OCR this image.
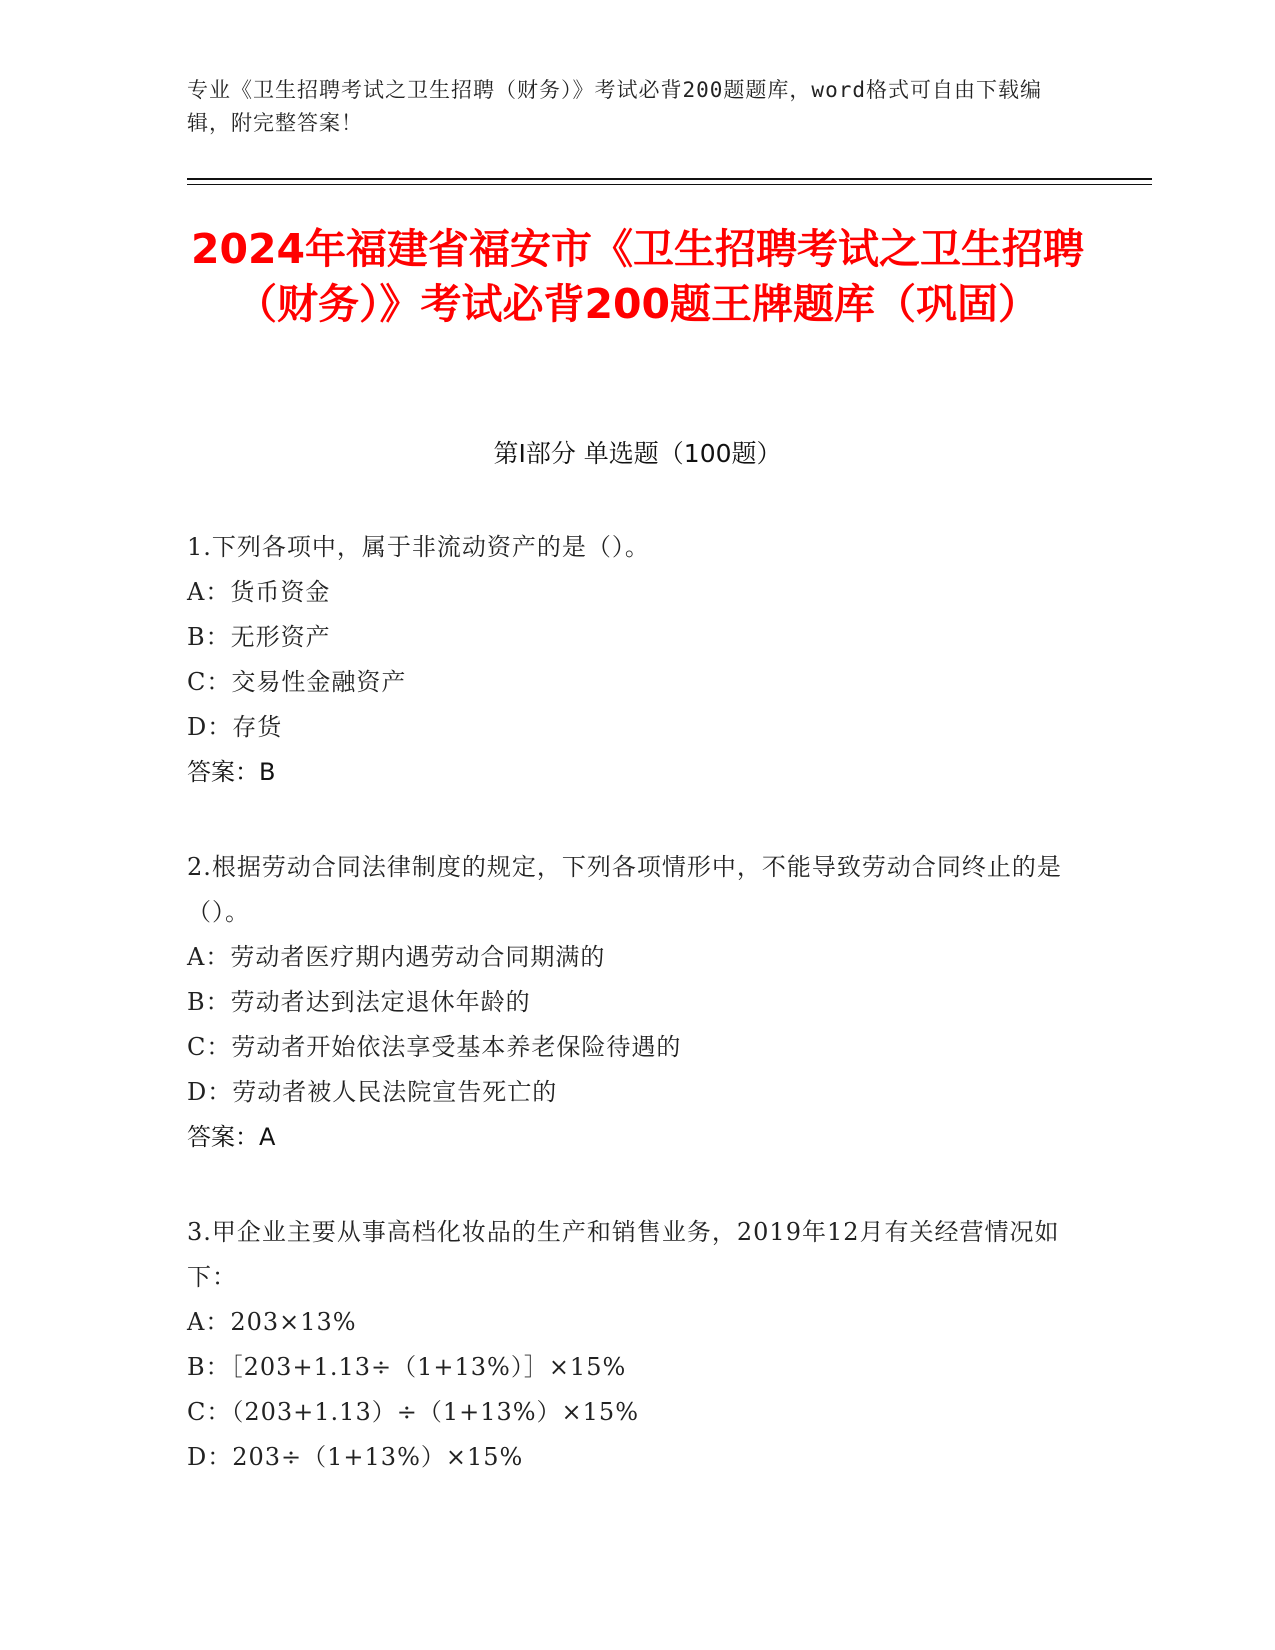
专业《卫生招聘考试之卫生招聘（财务）》考试必背200题题库，word格式可自由下载编辑，附完整答案！
2024年福建省福安市《卫生招聘考试之卫生招聘（财务）》考试必背200题王牌题库（巩固）
第I部分 单选题（100题）
1.下列各项中，属于非流动资产的是（）。
A：货币资金
B：无形资产
C：交易性金融资产
D：存货
答案：B
2.根据劳动合同法律制度的规定，下列各项情形中，不能导致劳动合同终止的是（）。
A：劳动者医疗期内遇劳动合同期满的
B：劳动者达到法定退休年龄的
C：劳动者开始依法享受基本养老保险待遇的
D：劳动者被人民法院宣告死亡的
答案：A
3.甲企业主要从事高档化妆品的生产和销售业务，2019年12月有关经营情况如下：
A：203×13%
B：［203+1.13÷（1+13%）］×15%
C：（203+1.13）÷（1+13%）×15%
D：203÷（1+13%）×15%
